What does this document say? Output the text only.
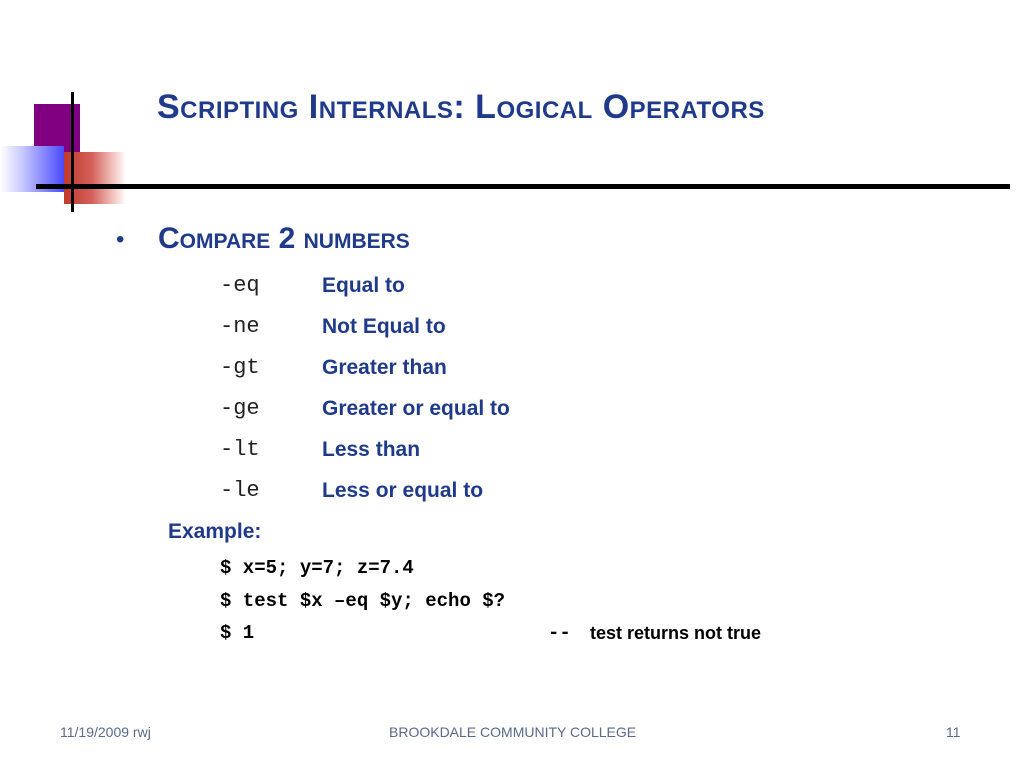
Scripting Internals: Logical Operators
• Compare 2 numbers
-eq	Equal to
-ne	Not Equal to
-gt	Greater than
-ge	Greater or equal to
-lt	Less than
-le	Less or equal to
Example:
$ x=5; y=7; z=7.4
$ test $x –eq $y; echo $?
$ 1	-- test returns not true
11/19/2009 rwj	BROOKDALE COMMUNITY COLLEGE	11
